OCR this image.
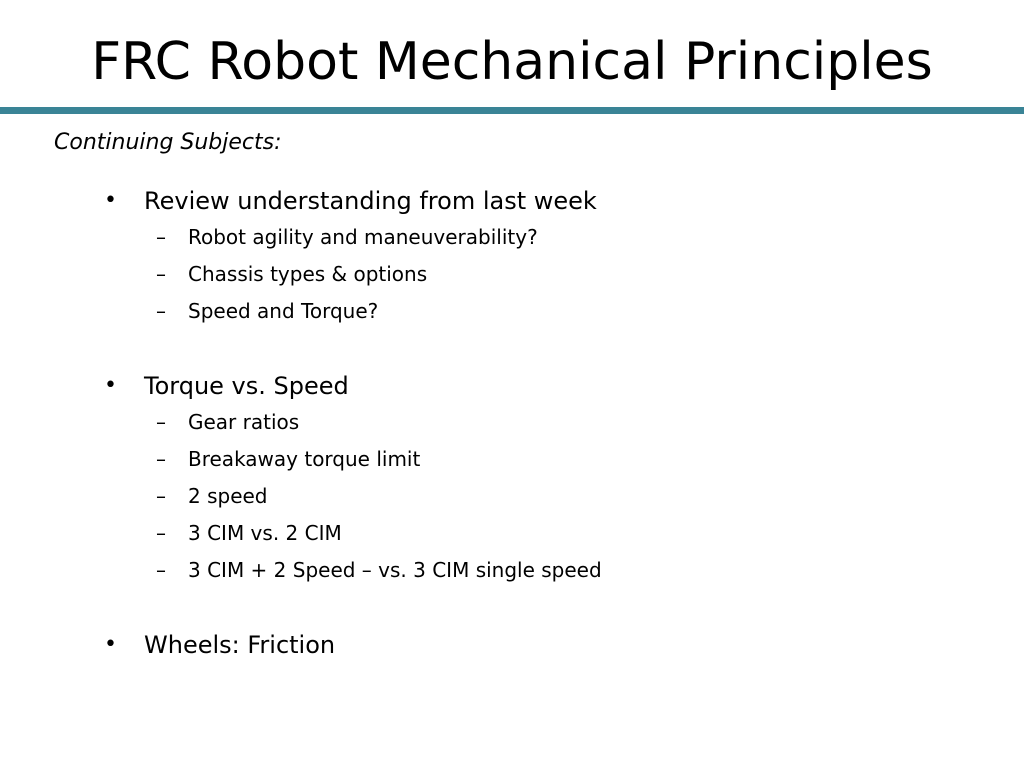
FRC Robot Mechanical Principles
Continuing Subjects:
• Review understanding from last week
– Robot agility and maneuverability?
– Chassis types & options
– Speed and Torque?
• Torque vs. Speed
– Gear ratios
– Breakaway torque limit
– 2 speed
– 3 CIM vs. 2 CIM
– 3 CIM + 2 Speed – vs. 3 CIM single speed
• Wheels: Friction
